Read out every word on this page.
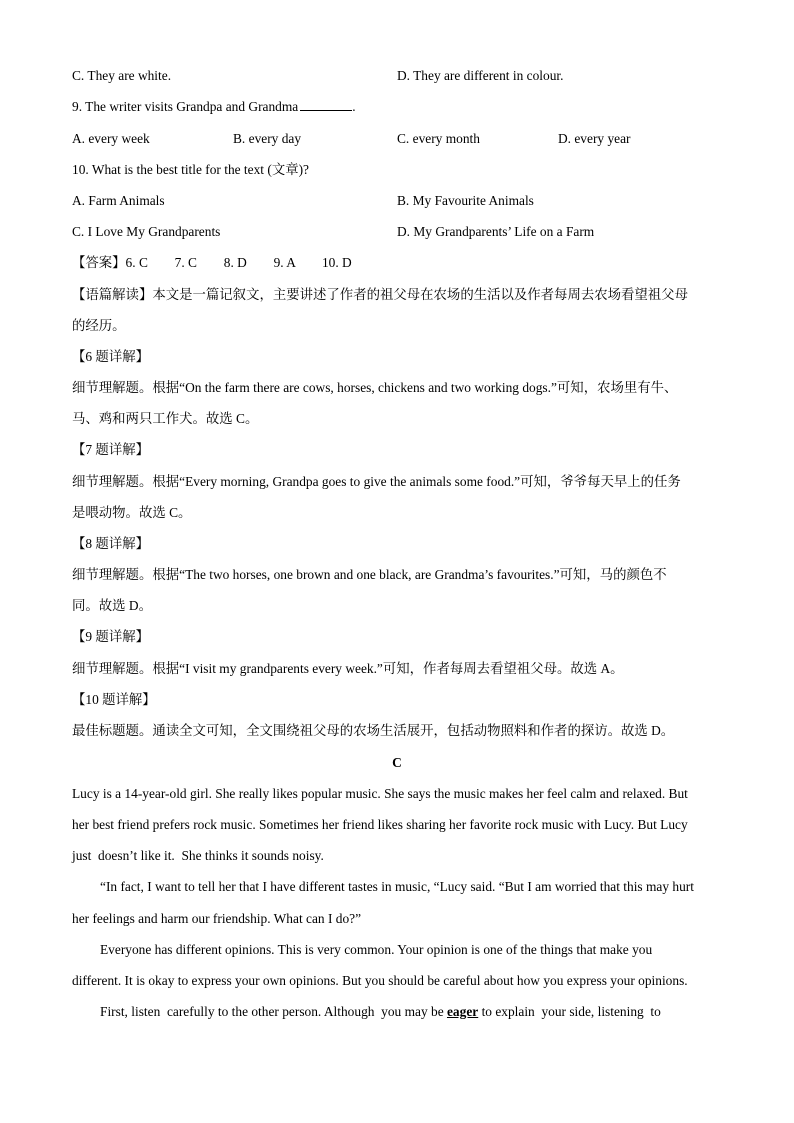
C. They are white.	D. They are different in colour.
9. The writer visits Grandpa and Grandma	.
A. every week	B. every day	C. every month	D. every year
10. What is the best title for the text (文章)?
A. Farm Animals	B. My Favourite Animals
C. I Love My Grandparents	D. My Grandparents’ Life on a Farm
【答案】6. C        7. C        8. D        9. A        10. D
【语篇解读】本文是一篇记叙文，主要讲述了作者的祖父母在农场的生活以及作者每周去农场看望祖父母
的经历。
【6 题详解】
细节理解题。根据“On the farm there are cows, horses, chickens and two working dogs.”可知，农场里有牛、
马、鸡和两只工作犬。故选 C。
【7 题详解】
细节理解题。根据“Every morning, Grandpa goes to give the animals some food.”可知，爷爷每天早上的任务
是喂动物。故选 C。
【8 题详解】
细节理解题。根据“The two horses, one brown and one black, are Grandma’s favourites.”可知，马的颜色不
同。故选 D。
【9 题详解】
细节理解题。根据“I visit my grandparents every week.”可知，作者每周去看望祖父母。故选 A。
【10 题详解】
最佳标题题。通读全文可知，全文围绕祖父母的农场生活展开，包括动物照料和作者的探访。故选 D。
C
Lucy is a 14-year-old girl. She really likes popular music. She says the music makes her feel calm and relaxed. But
her best friend prefers rock music. Sometimes her friend likes sharing her favorite rock music with Lucy. But Lucy
just  doesn’t like it.  She thinks it sounds noisy.
“In fact, I want to tell her that I have different tastes in music, “Lucy said. “But I am worried that this may hurt
her feelings and harm our friendship. What can I do?”
Everyone has different opinions. This is very common. Your opinion is one of the things that make you
different. It is okay to express your own opinions. But you should be careful about how you express your opinions.
First, listen  carefully to the other person. Although  you may be eager to explain  your side, listening  to
